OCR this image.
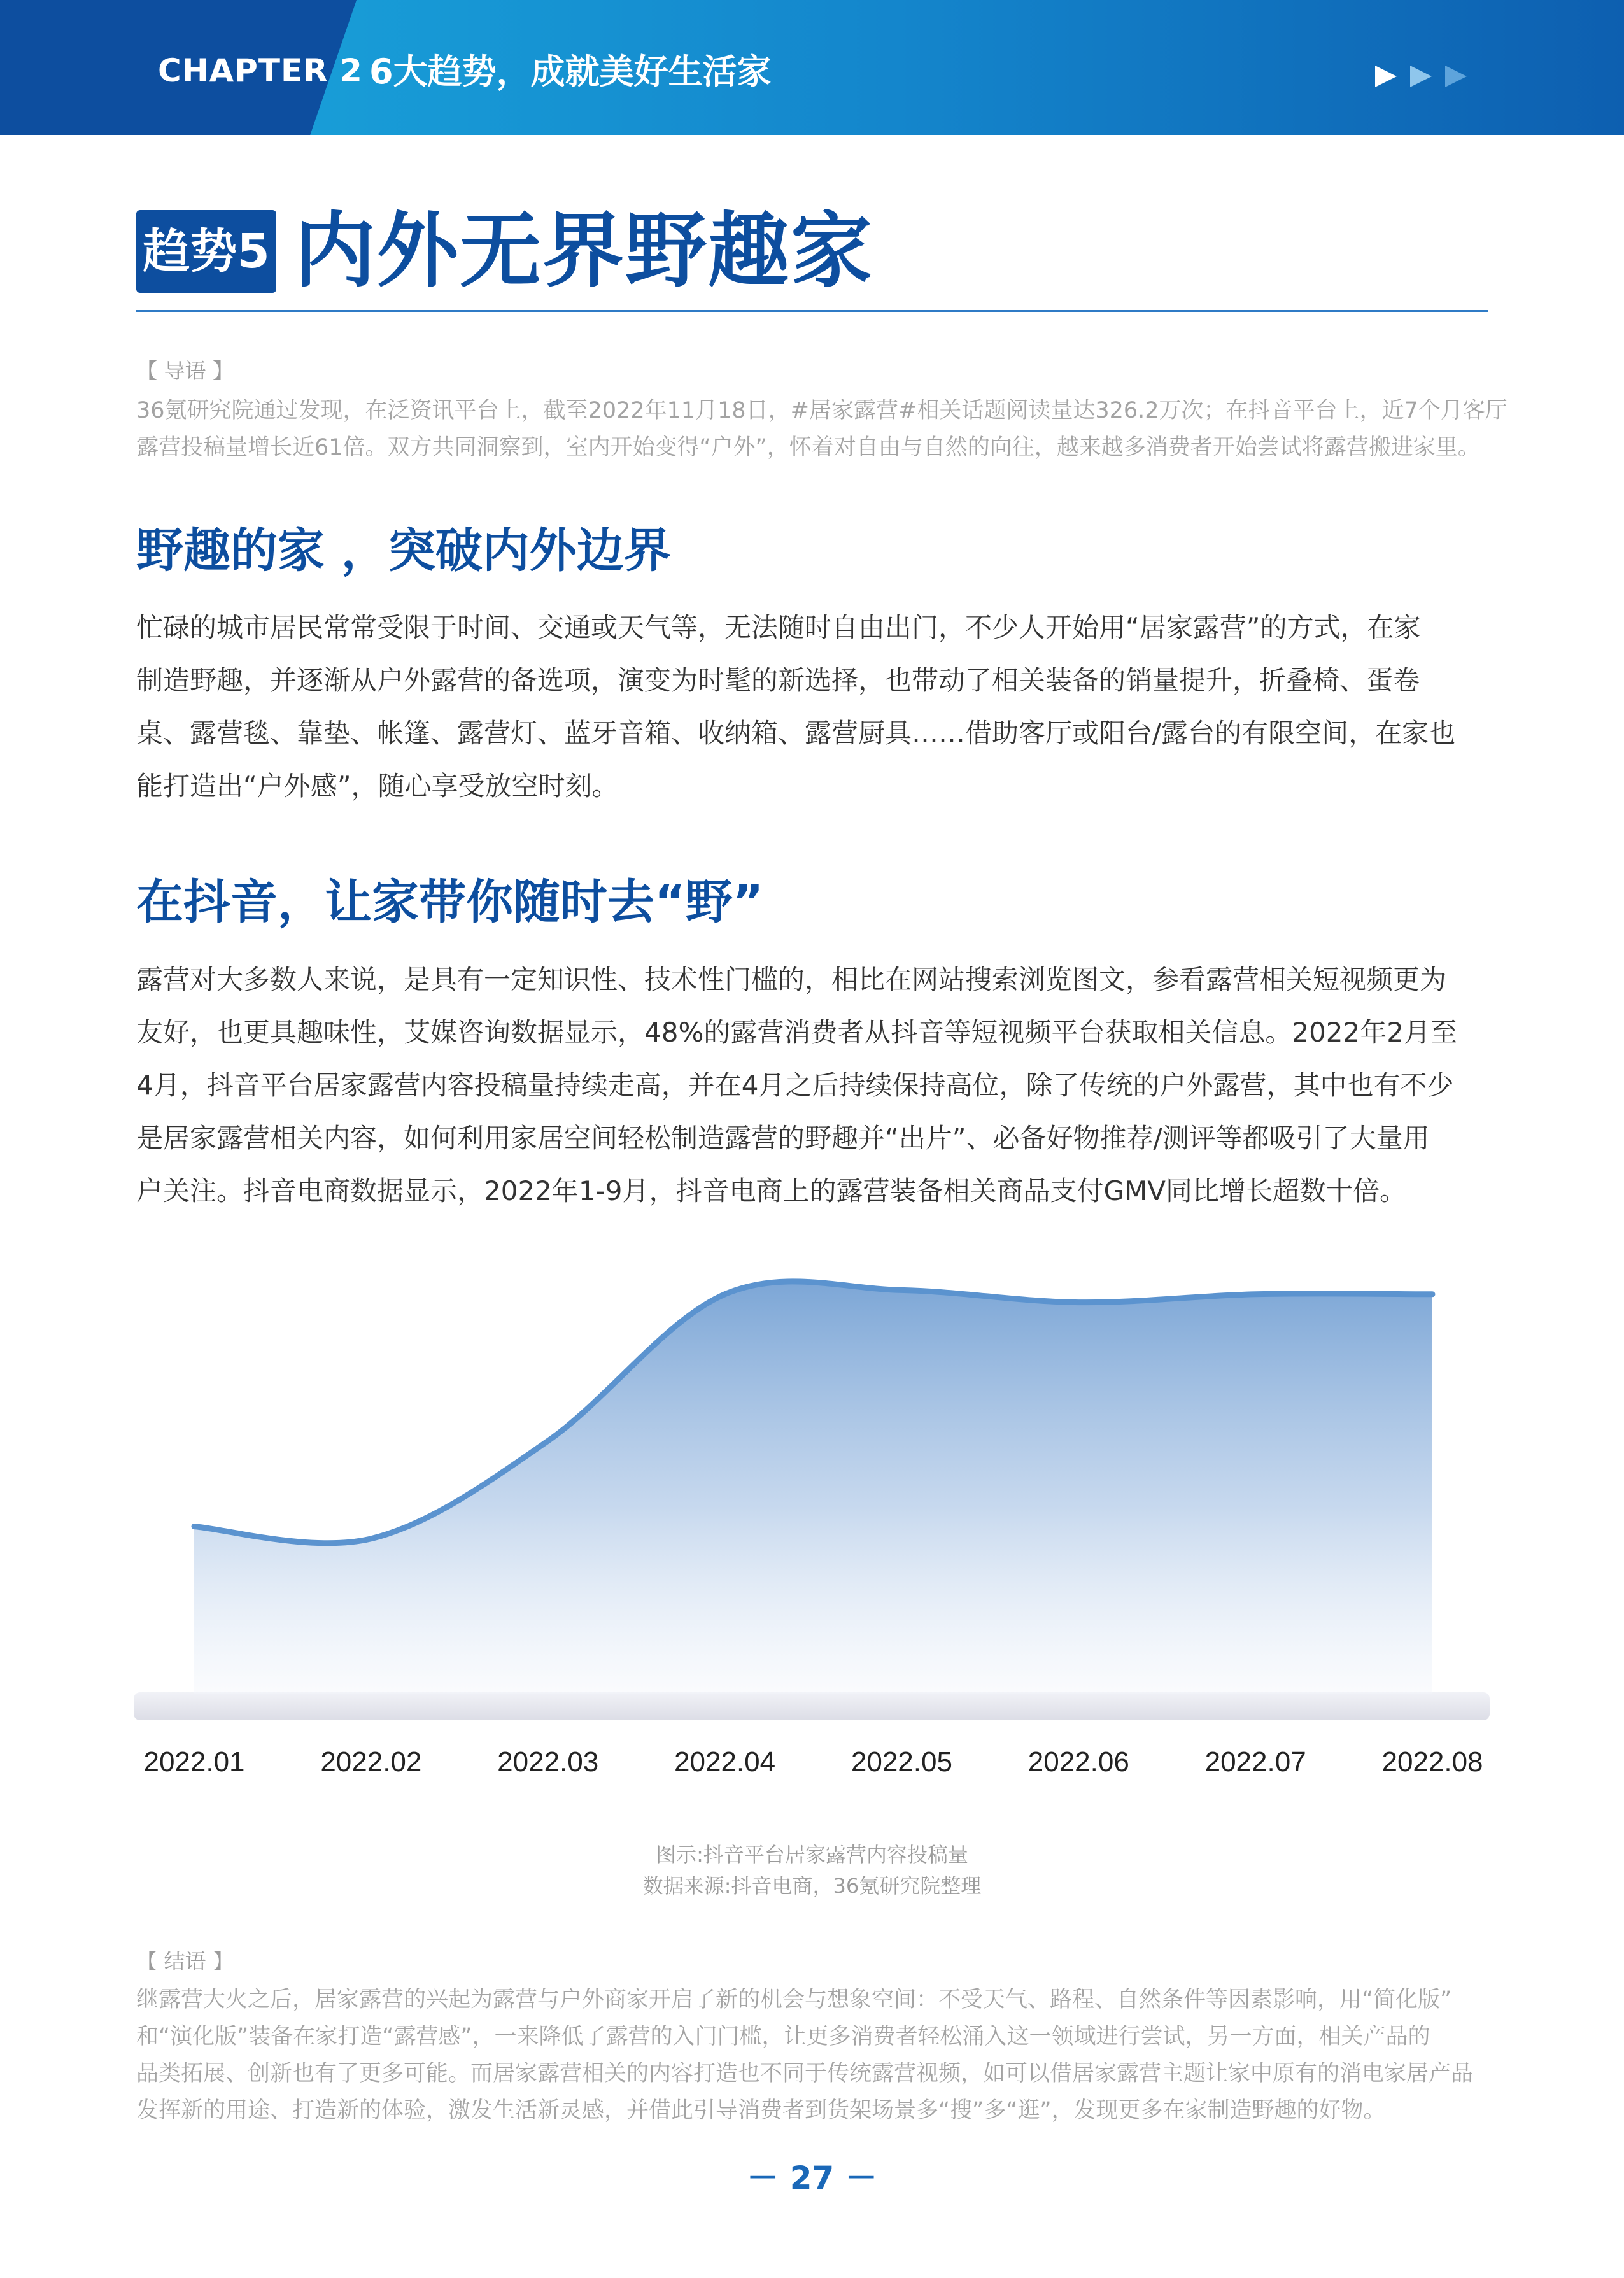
CHAPTER 2 6大趋势，成就美好生活家
趋势5 内外无界野趣家
【 导语 】
36氪研究院通过发现，在泛资讯平台上，截至2022年11月18日，#居家露营#相关话题阅读量达326.2万次；在抖音平台上，近7个月客厅
露营投稿量增长近61倍。双方共同洞察到，室内开始变得“户外”，怀着对自由与自然的向往，越来越多消费者开始尝试将露营搬进家里。
野趣的家 ，突破内外边界
忙碌的城市居民常常受限于时间、交通或天气等，无法随时自由出门，不少人开始用“居家露营”的方式，在家
制造野趣，并逐渐从户外露营的备选项，演变为时髦的新选择，也带动了相关装备的销量提升，折叠椅、蛋卷
桌、露营毯、靠垫、帐篷、露营灯、蓝牙音箱、收纳箱、露营厨具……借助客厅或阳台/露台的有限空间，在家也
能打造出“户外感”，随心享受放空时刻。
在抖音，让家带你随时去“野”
露营对大多数人来说，是具有一定知识性、技术性门槛的，相比在网站搜索浏览图文，参看露营相关短视频更为
友好，也更具趣味性，艾媒咨询数据显示，48%的露营消费者从抖音等短视频平台获取相关信息。2022年2月至
4月，抖音平台居家露营内容投稿量持续走高，并在4月之后持续保持高位，除了传统的户外露营，其中也有不少
是居家露营相关内容，如何利用家居空间轻松制造露营的野趣并“出片”、必备好物推荐/测评等都吸引了大量用
户关注。抖音电商数据显示，2022年1-9月，抖音电商上的露营装备相关商品支付GMV同比增长超数十倍。
2022.01	2022.02	2022.03	2022.04	2022.05	2022.06	2022.07	2022.08
图示:抖音平台居家露营内容投稿量
数据来源:抖音电商，36氪研究院整理
【 结语 】
继露营大火之后，居家露营的兴起为露营与户外商家开启了新的机会与想象空间：不受天气、路程、自然条件等因素影响，用“简化版”
和“演化版”装备在家打造“露营感”，一来降低了露营的入门门槛，让更多消费者轻松涌入这一领域进行尝试，另一方面，相关产品的
品类拓展、创新也有了更多可能。而居家露营相关的内容打造也不同于传统露营视频，如可以借居家露营主题让家中原有的消电家居产品
发挥新的用途、打造新的体验，激发生活新灵感，并借此引导消费者到货架场景多“搜”多“逛”，发现更多在家制造野趣的好物。
－ 27 －
